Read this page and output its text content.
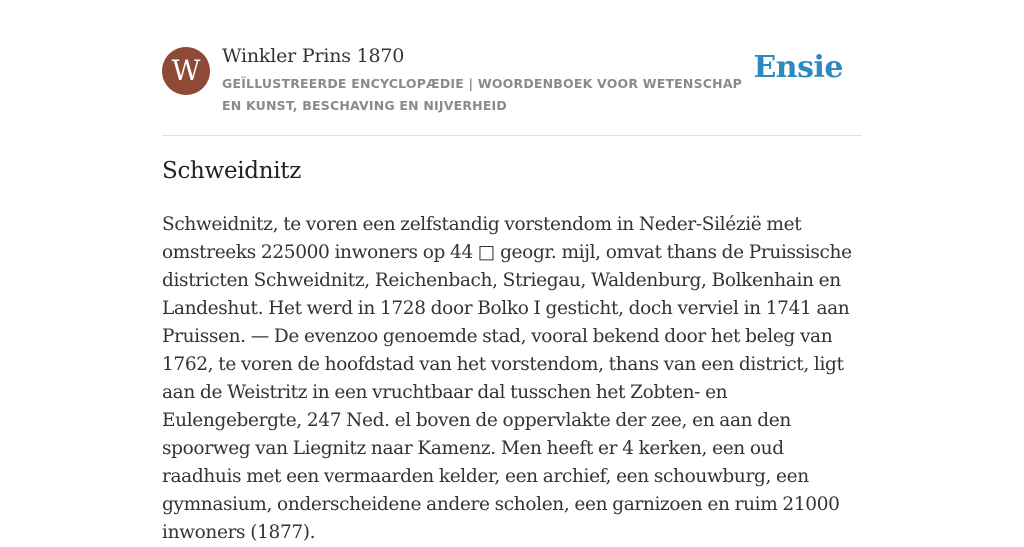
W	Winkler Prins 1870
GEÏLLUSTREERDE ENCYCLOPÆDIE | WOORDENBOEK VOOR WETENSCHAP EN KUNST, BESCHAVING EN NIJVERHEID
Ensie
Schweidnitz

Schweidnitz, te voren een zelfstandig vorstendom in Neder-Silézië met omstreeks 225000 inwoners op 44 □ geogr. mijl, omvat thans de Pruissische districten Schweidnitz, Reichenbach, Striegau, Waldenburg, Bolkenhain en Landeshut. Het werd in 1728 door Bolko I gesticht, doch verviel in 1741 aan Pruissen. — De evenzoo genoemde stad, vooral bekend door het beleg van 1762, te voren de hoofdstad van het vorstendom, thans van een district, ligt aan de Weistritz in een vruchtbaar dal tusschen het Zobten- en Eulengebergte, 247 Ned. el boven de oppervlakte der zee, en aan den spoorweg van Liegnitz naar Kamenz. Men heeft er 4 kerken, een oud raadhuis met een vermaarden kelder, een archief, een schouwburg, een gymnasium, onderscheidene andere scholen, een garnizoen en ruim 21000 inwoners (1877).
